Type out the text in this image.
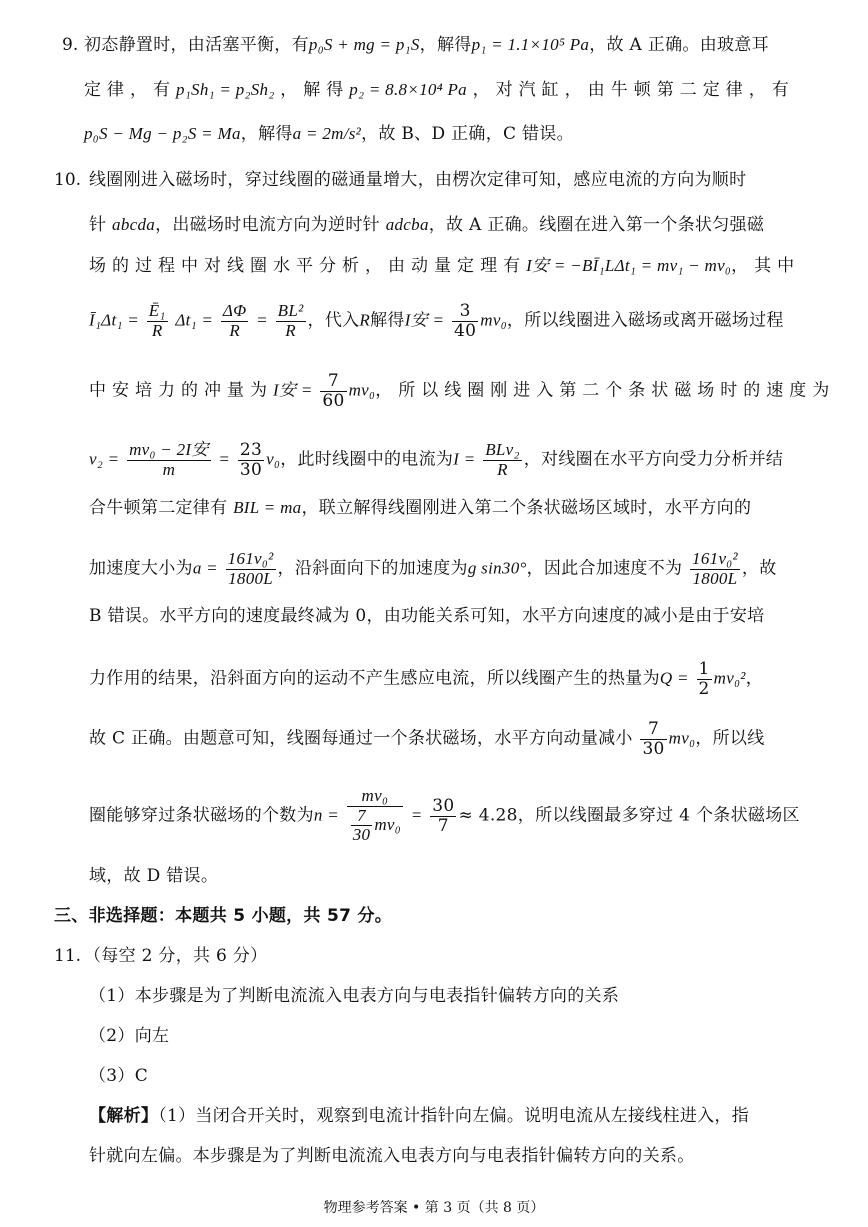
9. 初态静置时，由活塞平衡，有p₀S + mg = p₁S，解得p₁ = 1.1×10⁵ Pa，故 A 正确。由玻意耳
定 律 ， 有 p₁Sh₁ = p₂Sh₂ ， 解 得 p₂ = 8.8×10⁴ Pa ， 对 汽 缸 ， 由 牛 顿 第 二 定 律 ， 有
p₀S − Mg − p₂S = Ma，解得a = 2m/s²，故 B、D 正确，C 错误。
10. 线圈刚进入磁场时，穿过线圈的磁通量增大，由楞次定律可知，感应电流的方向为顺时
针 abcda，出磁场时电流方向为逆时针 adcba，故 A 正确。线圈在进入第一个条状匀强磁
场 的 过 程 中 对 线 圈 水 平 分 析 ， 由 动 量 定 理 有 I安 = −BĪ₁LΔt₁ = mv₁ − mv₀， 其 中
Ī₁Δt₁ = $\frac{\text{Ē₁}}{R} \Delta t_1 = \frac{\Delta\Phi}{R} = \frac{\text{BL²}}{R}$ ，代入R解得I安 = $\frac{3}{40} mv_0$，所以线圈进入磁场或离开磁场过程
中 安 培 力 的 冲 量 为 I安 = $\frac{7}{60} mv_0$， 所 以 线 圈 刚 进 入 第 二 个 条 状 磁 场 时 的 速 度 为
$v_2 = \frac{\text{mv₀ − 2I安}}{m} = \frac{23}{30} v_0$，此时线圈中的电流为$I = \frac{\text{BLv₂}}{R}$ ，对线圈在水平方向受力分析并结
合牛顿第二定律有 BIL = ma，联立解得线圈刚进入第二个条状磁场区域时，水平方向的
加速度大小为$a = \frac{\text{161v₀²}}{1800L}$ ，沿斜面向下的加速度为g sin30°，因此合加速度不为 $\frac{\text{161v₀²}}{1800L}$ ，故
B 错误。水平方向的速度最终减为 0，由功能关系可知，水平方向速度的减小是由于安培
力作用的结果，沿斜面方向的运动不产生感应电流，所以线圈产生的热量为$Q = \frac{1}{2} mv_0^2$，
故 C 正确。由题意可知，线圈每通过一个条状磁场，水平方向动量减小 $\frac{7}{30} mv_0$，所以线
圈能够穿过条状磁场的个数为$n = \frac{\text{mv₀}}{\frac{7}{30} mv_0} = \frac{30}{7} \approx 4.28$，所以线圈最多穿过 4 个条状磁场区
域，故 D 错误。
三、非选择题：本题共 5 小题，共 57 分。
11. （每空 2 分，共 6 分）
（1）本步骤是为了判断电流流入电表方向与电表指针偏转方向的关系
（2）向左
（3）C
【解析】（1）当闭合开关时，观察到电流计指针向左偏。说明电流从左接线柱进入，指
针就向左偏。本步骤是为了判断电流流入电表方向与电表指针偏转方向的关系。
物理参考答案 • 第 3 页（共 8 页）
